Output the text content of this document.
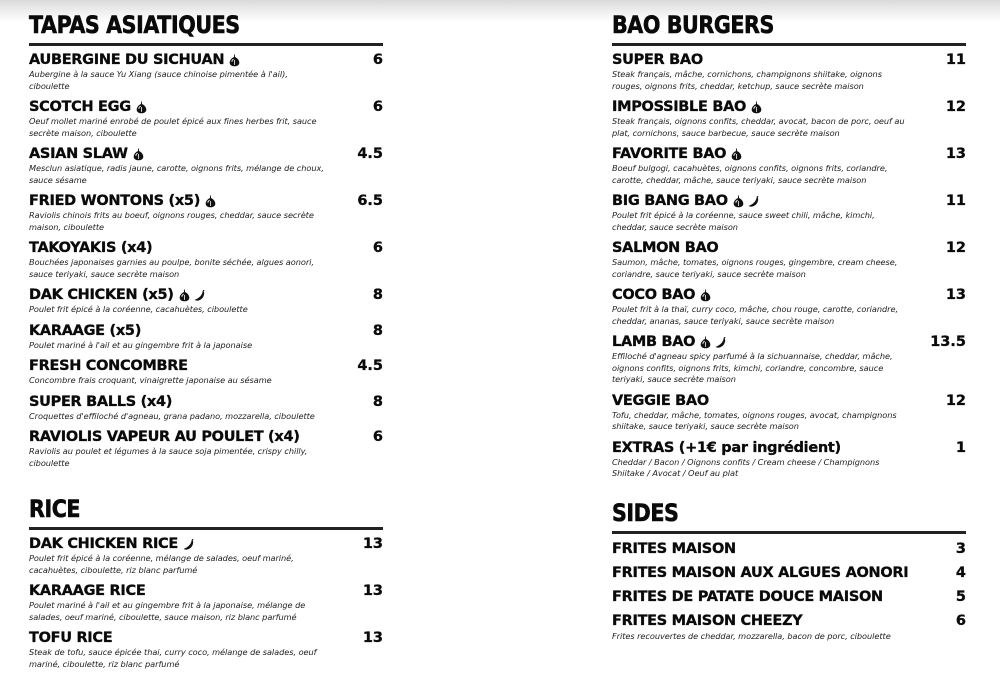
TAPAS ASIATIQUES
AUBERGINE DU SICHUAN	6
Aubergine à la sauce Yu Xiang (sauce chinoise pimentée à l'ail), ciboulette
SCOTCH EGG	6
Oeuf mollet mariné enrobé de poulet épicé aux fines herbes frit, sauce secrète maison, ciboulette
ASIAN SLAW	4.5
Mesclun asiatique, radis jaune, carotte, oignons frits, mélange de choux, sauce sésame
FRIED WONTONS (x5)	6.5
Raviolis chinois frits au boeuf, oignons rouges, cheddar, sauce secrète maison, ciboulette
TAKOYAKIS (x4)	6
Bouchées japonaises garnies au poulpe, bonite séchée, algues aonori, sauce teriyaki, sauce secrète maison
DAK CHICKEN (x5)	8
Poulet frit épicé à la coréenne, cacahuètes, ciboulette
KARAAGE (x5)	8
Poulet mariné à l'ail et au gingembre frit à la japonaise
FRESH CONCOMBRE	4.5
Concombre frais croquant, vinaigrette japonaise au sésame
SUPER BALLS (x4)	8
Croquettes d'effiloché d'agneau, grana padano, mozzarella, ciboulette
RAVIOLIS VAPEUR AU POULET (x4)	6
Raviolis au poulet et légumes à la sauce soja pimentée, crispy chilly, ciboulette
RICE
DAK CHICKEN RICE	13
Poulet frit épicé à la coréenne, mélange de salades, oeuf mariné, cacahuètes, ciboulette, riz blanc parfumé
KARAAGE RICE	13
Poulet mariné à l'ail et au gingembre frit à la japonaise, mélange de salades, oeuf mariné, ciboulette, sauce maison, riz blanc parfumé
TOFU RICE	13
Steak de tofu, sauce épicée thai, curry coco, mélange de salades, oeuf mariné, ciboulette, riz blanc parfumé
BAO BURGERS
SUPER BAO	11
Steak français, mâche, cornichons, champignons shiitake, oignons rouges, oignons frits, cheddar, ketchup, sauce secrète maison
IMPOSSIBLE BAO	12
Steak français, oignons confits, cheddar, avocat, bacon de porc, oeuf au plat, cornichons, sauce barbecue, sauce secrète maison
FAVORITE BAO	13
Boeuf bulgogi, cacahuètes, oignons confits, oignons frits, coriandre, carotte, cheddar, mâche, sauce teriyaki, sauce secrète maison
BIG BANG BAO	11
Poulet frit épicé à la coréenne, sauce sweet chili, mâche, kimchi, cheddar, sauce secrète maison
SALMON BAO	12
Saumon, mâche, tomates, oignons rouges, gingembre, cream cheese, coriandre, sauce teriyaki, sauce secrète maison
COCO BAO	13
Poulet frit à la thaï, curry coco, mâche, chou rouge, carotte, coriandre, cheddar, ananas, sauce teriyaki, sauce secrète maison
LAMB BAO	13.5
Effiloché d'agneau spicy parfumé à la sichuannaise, cheddar, mâche, oignons confits, oignons frits, kimchi, coriandre, concombre, sauce teriyaki, sauce secrète maison
VEGGIE BAO	12
Tofu, cheddar, mâche, tomates, oignons rouges, avocat, champignons shiitake, sauce teriyaki, sauce secrète maison
EXTRAS (+1€ par ingrédient)	1
Cheddar / Bacon / Oignons confits / Cream cheese / Champignons Shiitake / Avocat / Oeuf au plat
SIDES
FRITES MAISON	3
FRITES MAISON AUX ALGUES AONORI	4
FRITES DE PATATE DOUCE MAISON	5
FRITES MAISON CHEEZY	6
Frites recouvertes de cheddar, mozzarella, bacon de porc, ciboulette
